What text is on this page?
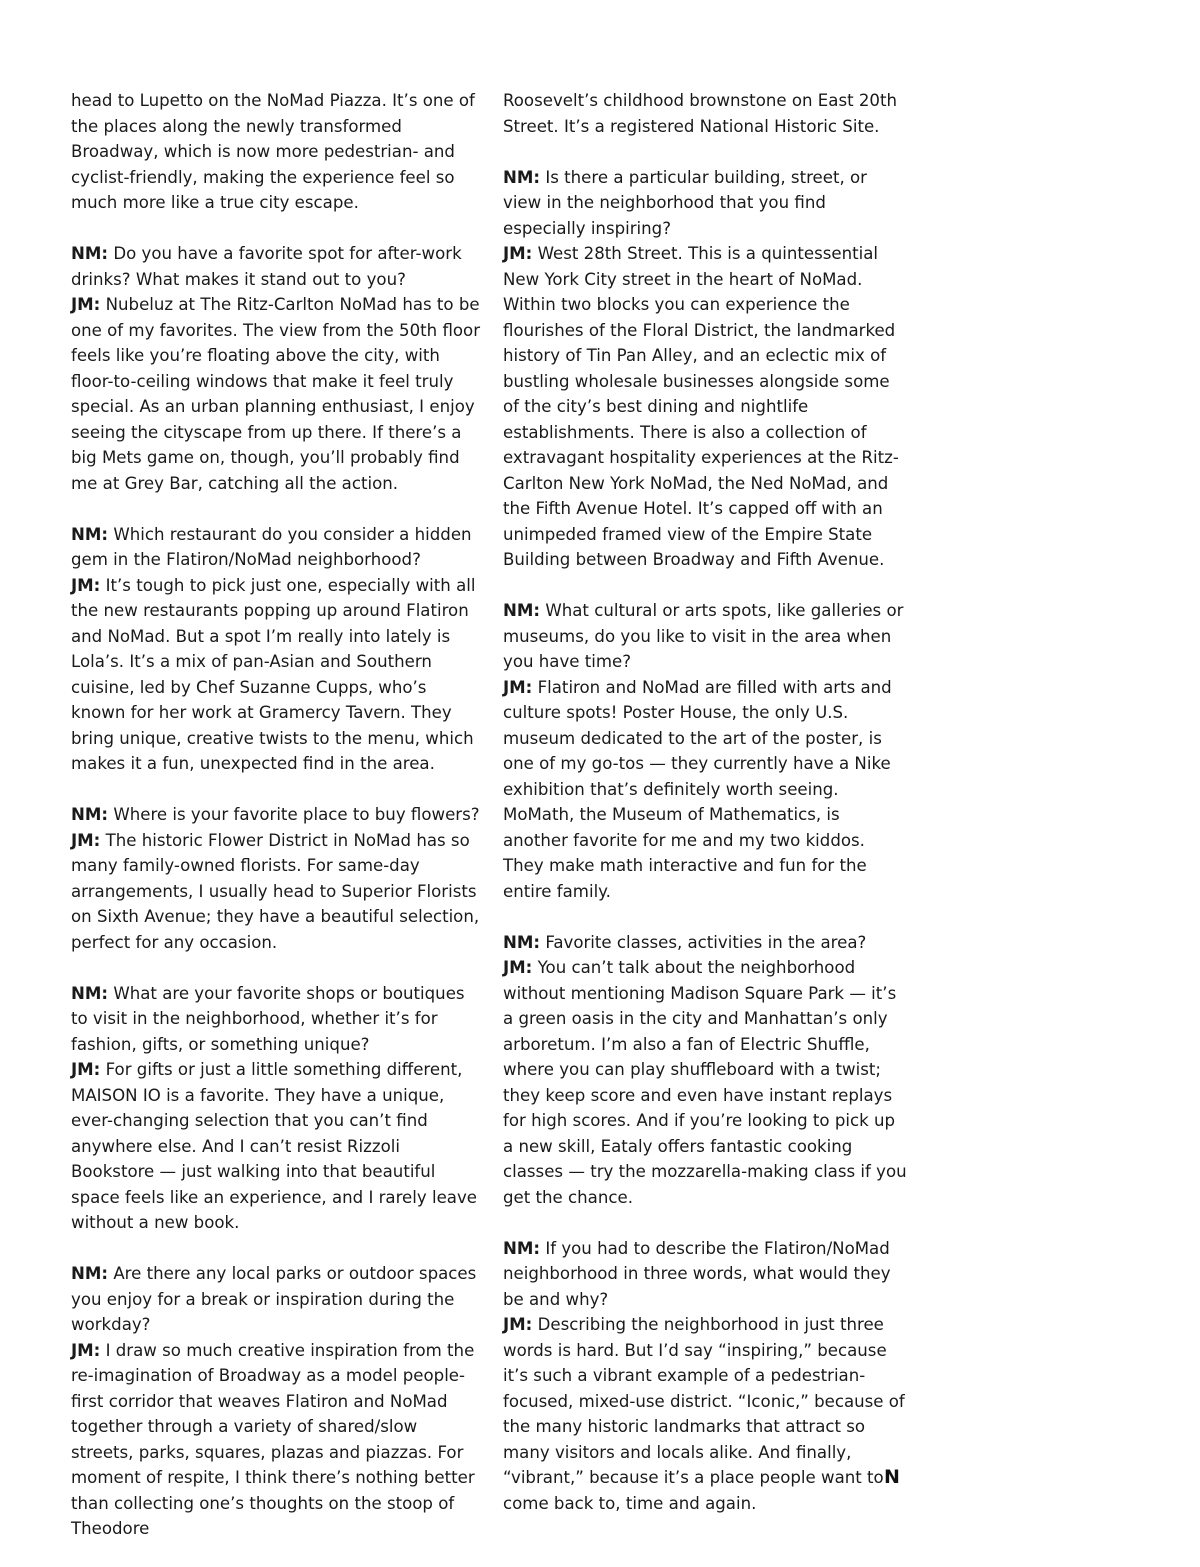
head to Lupetto on the NoMad Piazza. It’s one of the places along the newly transformed Broadway, which is now more pedestrian- and cyclist-friendly, making the experience feel so much more like a true city escape.

NM: Do you have a favorite spot for after-work drinks? What makes it stand out to you?

JM: Nubeluz at The Ritz-Carlton NoMad has to be one of my favorites. The view from the 50th floor feels like you’re floating above the city, with floor-to-ceiling windows that make it feel truly special. As an urban planning enthusiast, I enjoy seeing the cityscape from up there. If there’s a big Mets game on, though, you’ll probably find me at Grey Bar, catching all the action.

NM: Which restaurant do you consider a hidden gem in the Flatiron/NoMad neighborhood?

JM: It’s tough to pick just one, especially with all the new restaurants popping up around Flatiron and NoMad. But a spot I’m really into lately is Lola’s. It’s a mix of pan-Asian and Southern cuisine, led by Chef Suzanne Cupps, who’s known for her work at Gramercy Tavern. They bring unique, creative twists to the menu, which makes it a fun, unexpected find in the area.

NM: Where is your favorite place to buy flowers?

JM: The historic Flower District in NoMad has so many family-owned florists. For same-day arrangements, I usually head to Superior Florists on Sixth Avenue; they have a beautiful selection, perfect for any occasion.

NM: What are your favorite shops or boutiques to visit in the neighborhood, whether it’s for fashion, gifts, or something unique?

JM: For gifts or just a little something different, MAISON IO is a favorite. They have a unique, ever-changing selection that you can’t find anywhere else. And I can’t resist Rizzoli Bookstore — just walking into that beautiful space feels like an experience, and I rarely leave without a new book.

NM: Are there any local parks or outdoor spaces you enjoy for a break or inspiration during the workday?

JM: I draw so much creative inspiration from the re-imagination of Broadway as a model people-first corridor that weaves Flatiron and NoMad together through a variety of shared/slow streets, parks, squares, plazas and piazzas. For moment of respite, I think there’s nothing better than collecting one’s thoughts on the stoop of Theodore

Roosevelt’s childhood brownstone on East 20th Street. It’s a registered National Historic Site.

NM: Is there a particular building, street, or view in the neighborhood that you find especially inspiring?

JM: West 28th Street. This is a quintessential New York City street in the heart of NoMad. Within two blocks you can experience the flourishes of the Floral District, the landmarked history of Tin Pan Alley, and an eclectic mix of bustling wholesale businesses alongside some of the city’s best dining and nightlife establishments. There is also a collection of extravagant hospitality experiences at the Ritz-Carlton New York NoMad, the Ned NoMad, and the Fifth Avenue Hotel. It’s capped off with an unimpeded framed view of the Empire State Building between Broadway and Fifth Avenue.

NM: What cultural or arts spots, like galleries or museums, do you like to visit in the area when you have time?

JM: Flatiron and NoMad are filled with arts and culture spots! Poster House, the only U.S. museum dedicated to the art of the poster, is one of my go-tos — they currently have a Nike exhibition that’s definitely worth seeing. MoMath, the Museum of Mathematics, is another favorite for me and my two kiddos. They make math interactive and fun for the entire family.

NM: Favorite classes, activities in the area?

JM: You can’t talk about the neighborhood without mentioning Madison Square Park — it’s a green oasis in the city and Manhattan’s only arboretum. I’m also a fan of Electric Shuffle, where you can play shuffleboard with a twist; they keep score and even have instant replays for high scores. And if you’re looking to pick up a new skill, Eataly offers fantastic cooking classes — try the mozzarella-making class if you get the chance.

NM: If you had to describe the Flatiron/NoMad neighborhood in three words, what would they be and why?

JM: Describing the neighborhood in just three words is hard. But I’d say “inspiring,” because it’s such a vibrant example of a pedestrian-focused, mixed-use district. “Iconic,” because of the many historic landmarks that attract so many visitors and locals alike. And finally, “vibrant,” because it’s a place people want to come back to, time and again.

N
